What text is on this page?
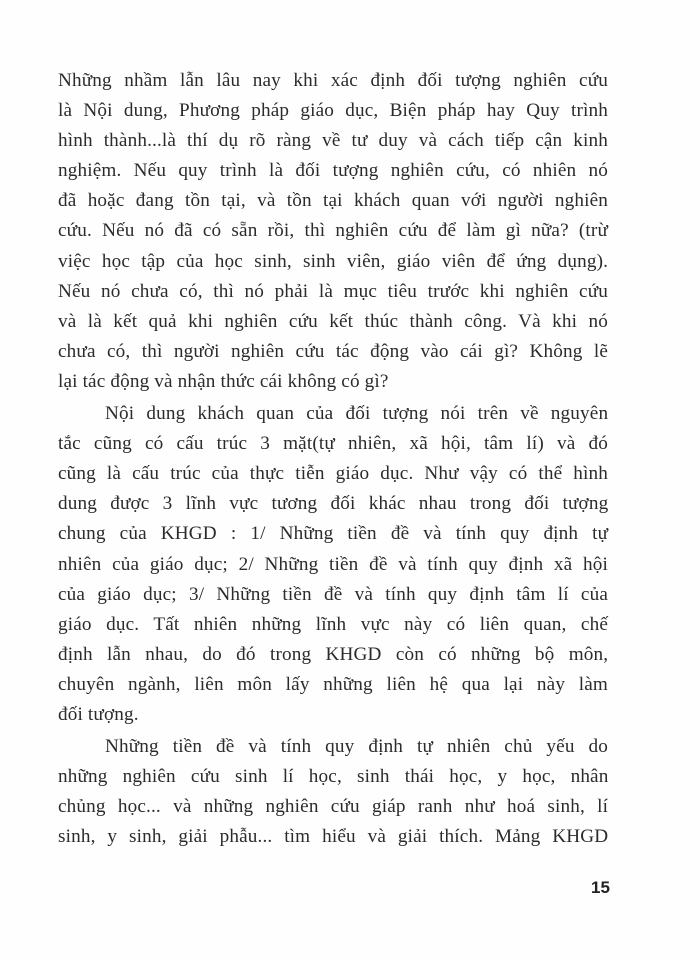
Những nhầm lẫn lâu nay khi xác định đối tượng nghiên cứu
là Nội dung, Phương pháp giáo dục, Biện pháp hay Quy trình
hình thành...là thí dụ rõ ràng về tư duy và cách tiếp cận kinh
nghiệm. Nếu quy trình là đối tượng nghiên cứu, có nhiên nó
đã hoặc đang tồn tại, và tồn tại khách quan với người nghiên
cứu. Nếu nó đã có sẵn rồi, thì nghiên cứu để làm gì nữa? (trừ
việc học tập của học sinh, sinh viên, giáo viên để ứng dụng).
Nếu nó chưa có, thì nó phải là mục tiêu trước khi nghiên cứu
và là kết quả khi nghiên cứu kết thúc thành công. Và khi nó
chưa có, thì người nghiên cứu tác động vào cái gì? Không lẽ
lại tác động và nhận thức cái không có gì?
Nội dung khách quan của đối tượng nói trên về nguyên
tắc cũng có cấu trúc 3 mặt(tự nhiên, xã hội, tâm lí) và đó
cũng là cấu trúc của thực tiễn giáo dục. Như vậy có thể hình
dung được 3 lĩnh vực tương đối khác nhau trong đối tượng
chung của KHGD : 1/ Những tiền đề và tính quy định tự
nhiên của giáo dục; 2/ Những tiền đề và tính quy định xã hội
của giáo dục; 3/ Những tiền đề và tính quy định tâm lí của
giáo dục. Tất nhiên những lĩnh vực này có liên quan, chế
định lẫn nhau, do đó trong KHGD còn có những bộ môn,
chuyên ngành, liên môn lấy những liên hệ qua lại này làm
đối tượng.
Những tiền đề và tính quy định tự nhiên chủ yếu do
những nghiên cứu sinh lí học, sinh thái học, y học, nhân
chủng học... và những nghiên cứu giáp ranh như hoá sinh, lí
sinh, y sinh, giải phẫu... tìm hiểu và giải thích. Mảng KHGD
15
